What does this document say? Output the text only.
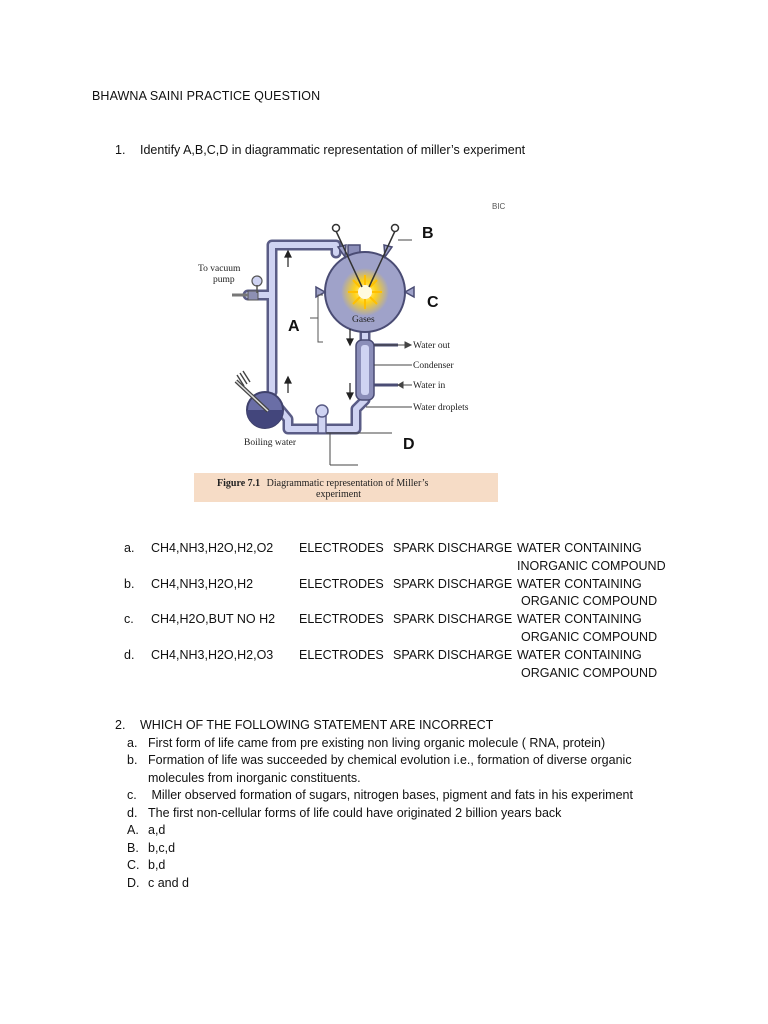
BHAWNA SAINI PRACTICE QUESTION
1. Identify A,B,C,D in diagrammatic representation of miller’s experiment
BIC
To vacuum
pump
Gases
Water out
Condenser
Water in
Water droplets
Boiling water
A
B
C
D
Figure 7.1 Diagrammatic representation of Miller’s
experiment
a.	CH4,NH3,H2O,H2,O2	ELECTRODES	SPARK DISCHARGE	WATER CONTAINING
INORGANIC COMPOUND

b.	CH4,NH3,H2O,H2	ELECTRODES	SPARK DISCHARGE	WATER CONTAINING
ORGANIC COMPOUND

c.	CH4,H2O,BUT NO H2	ELECTRODES	SPARK DISCHARGE	WATER CONTAINING
ORGANIC COMPOUND

d.	CH4,NH3,H2O,H2,O3	ELECTRODES	SPARK DISCHARGE	WATER CONTAINING
ORGANIC COMPOUND
2. WHICH OF THE FOLLOWING STATEMENT ARE INCORRECT
a. First form of life came from pre existing non living organic molecule ( RNA, protein)
b. Formation of life was succeeded by chemical evolution i.e., formation of diverse organic molecules from inorganic constituents.
c. Miller observed formation of sugars, nitrogen bases, pigment and fats in his experiment
d. The first non-cellular forms of life could have originated 2 billion years back
A. a,d
B. b,c,d
C. b,d
D. c and d
